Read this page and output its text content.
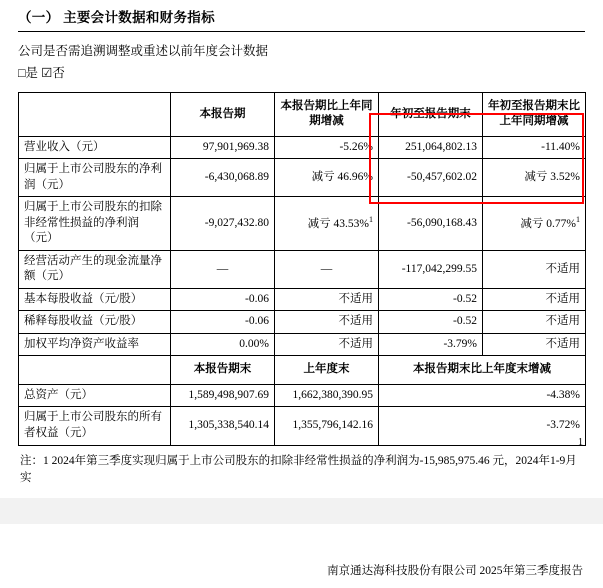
（一） 主要会计数据和财务指标
公司是否需追溯调整或重述以前年度会计数据
□是 ☑否
	本报告期	本报告期比上年同期增减	年初至报告期末	年初至报告期末比上年同期增减
营业收入（元）	97,901,969.38	-5.26%	251,064,802.13	-11.40%
归属于上市公司股东的净利润（元）	-6,430,068.89	减亏 46.96%	-50,457,602.02	减亏 3.52%
归属于上市公司股东的扣除非经常性损益的净利润（元）	-9,027,432.80	减亏 43.53%$^1$	-56,090,168.43	减亏 0.77%$^1$
经营活动产生的现金流量净额（元）	—	—	-117,042,299.55	不适用
基本每股收益（元/股）	-0.06	不适用	-0.52	不适用
稀释每股收益（元/股）	-0.06	不适用	-0.52	不适用
加权平均净资产收益率	0.00%	不适用	-3.79%	不适用
	本报告期末	上年度末	本报告期末比上年度末增减	
总资产（元）	1,589,498,907.69	1,662,380,390.95	-4.38%	
归属于上市公司股东的所有者权益（元）	1,305,338,540.14	1,355,796,142.16	-3.72%	
注：1 2024年第三季度实现归属于上市公司股东的扣除非经常性损益的净利润为-15,985,975.46 元，2024年1-9月实
1
南京通达海科技股份有限公司 2025年第三季度报告
